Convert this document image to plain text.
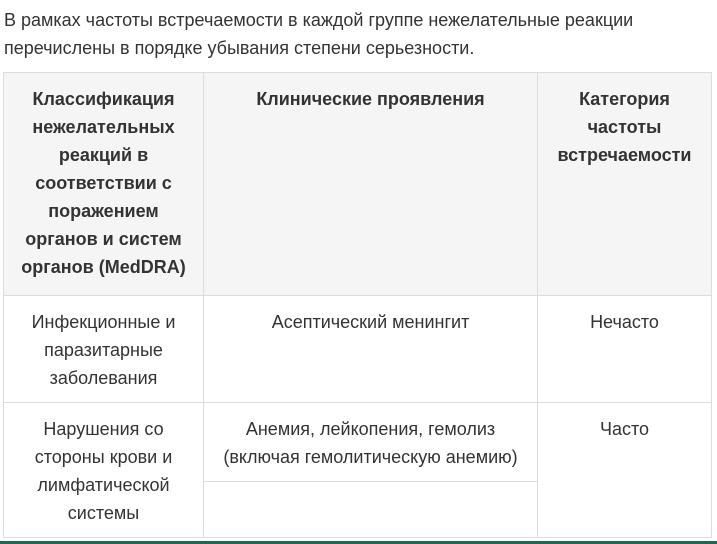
В рамках частоты встречаемости в каждой группе нежелательные реакции перечислены в порядке убывания степени серьезности.

Классификация нежелательных реакций в соответствии с поражением органов и систем органов (MedDRA)	Клинические проявления	Категория частоты встречаемости
Инфекционные и паразитарные заболевания	Асептический менингит	Нечасто
Нарушения со стороны крови и лимфатической системы	Анемия, лейкопения, гемолиз (включая гемолитическую анемию)	Часто
